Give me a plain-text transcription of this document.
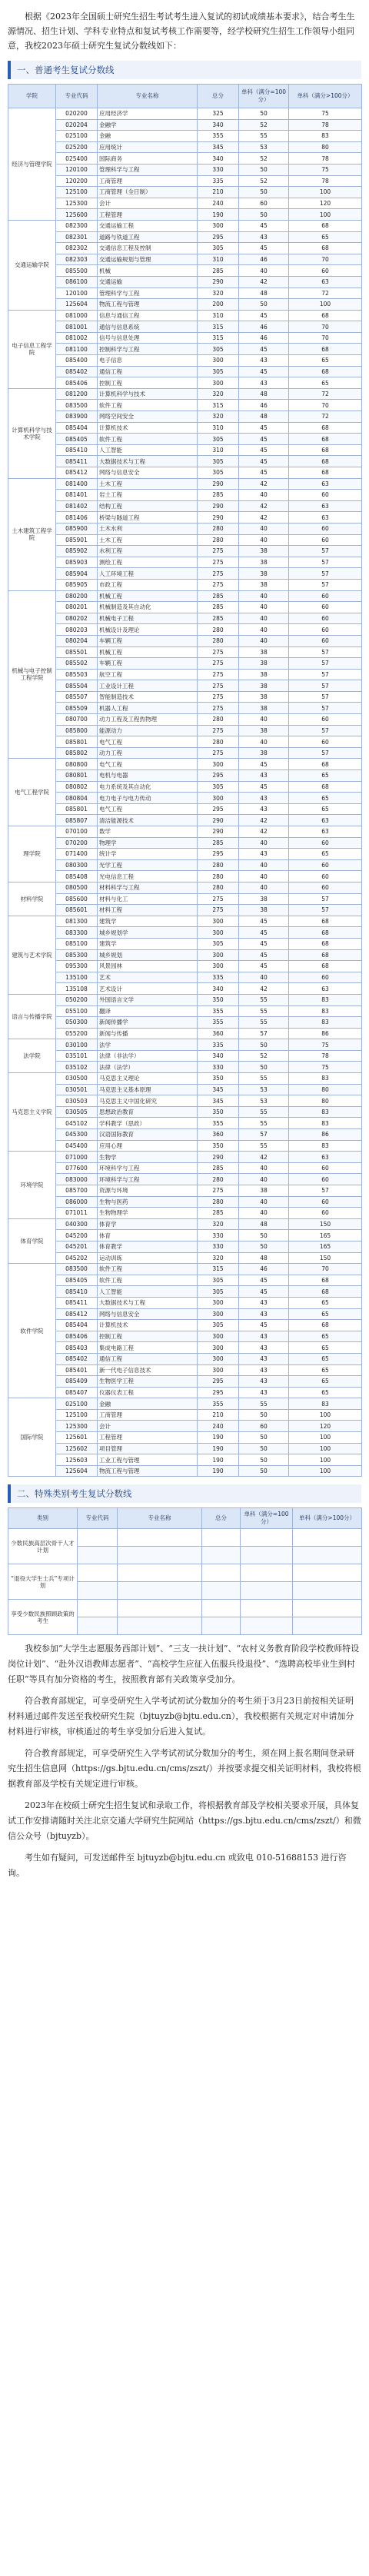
根据《2023年全国硕士研究生招生考试考生进入复试的初试成绩基本要求》，结合考生生源情况、招生计划、学科专业特点和复试考核工作需要等，经学校研究生招生工作领导小组同意，我校2023年硕士研究生复试分数线如下：

一、普通考生复试分数线
学院	专业代码	专业名称	总分	单科（满分=100分）	单科（满分>100分）
经济与管理学院	020200	应用经济学	325	50	75
	020204	金融学	340	52	78
	025100	金融	355	55	83
	025200	应用统计	345	53	80
	025400	国际商务	340	52	78
	120100	管理科学与工程	330	50	75
	120200	工商管理	335	52	78
	125100	工商管理（全日制）	210	50	100
	125300	会计	240	60	120
	125600	工程管理	190	50	100
交通运输学院	082300	交通运输工程	300	45	68
	082301	道路与铁道工程	295	43	65
	082302	交通信息工程及控制	305	45	68
	082303	交通运输规划与管理	310	46	70
	085500	机械	285	40	60
	086100	交通运输	290	42	63
	120100	管理科学与工程	320	48	72
	125604	物流工程与管理	200	50	100
电子信息工程学院	081000	信息与通信工程	310	45	68
	081001	通信与信息系统	315	46	70
	081002	信号与信息处理	315	46	70
	081100	控制科学与工程	305	45	68
	085400	电子信息	300	43	65
	085402	通信工程	305	45	68
	085406	控制工程	300	43	65
计算机科学与技术学院	081200	计算机科学与技术	320	48	72
	083500	软件工程	315	46	70
	083900	网络空间安全	320	48	72
	085404	计算机技术	310	45	68
	085405	软件工程	305	45	68
	085410	人工智能	310	45	68
	085411	大数据技术与工程	305	45	68
	085412	网络与信息安全	305	45	68
土木建筑工程学院	081400	土木工程	290	42	63
	081401	岩土工程	285	40	60
	081402	结构工程	290	42	63
	081406	桥梁与隧道工程	290	42	63
	085900	土木水利	280	40	60
	085901	土木工程	280	40	60
	085902	水利工程	275	38	57
	085903	测绘工程	275	38	57
	085904	人工环境工程	275	38	57
	085905	市政工程	275	38	57
机械与电子控制工程学院	080200	机械工程	285	40	60
	080201	机械制造及其自动化	285	40	60
	080202	机械电子工程	285	40	60
	080203	机械设计及理论	280	40	60
	080204	车辆工程	280	40	60
	085501	机械工程	275	38	57
	085502	车辆工程	275	38	57
	085503	航空工程	275	38	57
	085504	工业设计工程	275	38	57
	085507	智能制造技术	275	38	57
	085509	机器人工程	275	38	57
	080700	动力工程及工程热物理	280	40	60
	085800	能源动力	275	38	57
	085801	电气工程	280	40	60
	085802	动力工程	275	38	57
电气工程学院	080800	电气工程	300	45	68
	080801	电机与电器	295	43	65
	080802	电力系统及其自动化	305	45	68
	080804	电力电子与电力传动	300	43	65
	085801	电气工程	295	43	65
	085807	清洁能源技术	290	42	63
理学院	070100	数学	290	42	63
	070200	物理学	285	40	60
	071400	统计学	295	43	65
	080300	光学工程	280	40	60
	085408	光电信息工程	280	40	60
材料学院	080500	材料科学与工程	280	40	60
	085600	材料与化工	275	38	57
	085601	材料工程	275	38	57
建筑与艺术学院	081300	建筑学	300	45	68
	083300	城乡规划学	300	45	68
	085100	建筑学	305	45	68
	085300	城乡规划	300	45	68
	095300	风景园林	300	45	68
	135100	艺术	335	40	60
	135108	艺术设计	340	42	63
语言与传播学院	050200	外国语言文学	350	55	83
	055100	翻译	355	55	83
	050300	新闻传播学	355	55	83
	055200	新闻与传播	360	57	86
法学院	030100	法学	335	50	75
	035101	法律（非法学）	340	52	78
	035102	法律（法学）	330	50	75
马克思主义学院	030500	马克思主义理论	350	55	83
	030501	马克思主义基本原理	345	53	80
	030503	马克思主义中国化研究	345	53	80
	030505	思想政治教育	350	55	83
	045102	学科教学（思政）	355	55	83
	045300	汉语国际教育	360	57	86
	045400	应用心理	350	55	83
环境学院	071000	生物学	290	42	63
	077600	环境科学与工程	285	40	60
	083000	环境科学与工程	280	40	60
	085700	资源与环境	275	38	57
	086000	生物与医药	280	40	60
	071011	生物物理学	285	40	60
体育学院	040300	体育学	320	48	150
	045200	体育	330	50	165
	045201	体育教学	330	50	165
	045202	运动训练	320	48	150
软件学院	083500	软件工程	315	46	70
	085405	软件工程	305	45	68
	085410	人工智能	305	45	68
	085411	大数据技术与工程	300	43	65
	085412	网络与信息安全	300	43	65
	085404	计算机技术	305	45	68
	085406	控制工程	300	43	65
	085403	集成电路工程	300	43	65
	085402	通信工程	300	43	65
	085401	新一代电子信息技术	300	43	65
	085409	生物医学工程	295	43	65
	085407	仪器仪表工程	295	43	65
国际学院	025100	金融	355	55	83
	125100	工商管理	210	50	100
	125300	会计	240	60	120
	125601	工程管理	190	50	100
	125602	项目管理	190	50	100
	125603	工业工程与管理	190	50	100
	125604	物流工程与管理	190	50	100
二、特殊类别考生复试分数线
类别	专业代码	专业名称	总分	单科（满分=100分）	单科（满分>100分）
少数民族高层次骨干人才计划					

“退役大学生士兵”专项计划					

享受少数民族照顾政策的考生					

我校参加“大学生志愿服务西部计划”、“三支一扶计划”、“农村义务教育阶段学校教师特设岗位计划”、“赴外汉语教师志愿者”、“高校学生应征入伍服兵役退役”、“选聘高校毕业生到村任职”等具有加分资格的考生，按照教育部有关政策享受加分。

符合教育部规定，可享受研究生入学考试初试分数加分的考生须于3月23日前按相关证明材料通过邮件发送至我校研究生院（bjtuyzb@bjtu.edu.cn），我校根据有关规定对申请加分材料进行审核，审核通过的考生享受加分后进入复试。

符合教育部规定，可享受研究生入学考试初试分数加分的考生，须在网上报名期间登录研究生招生信息网（https://gs.bjtu.edu.cn/cms/zszt/）并按要求提交相关证明材料，我校将根据教育部及学校有关规定进行审核。

2023年在校硕士研究生招生复试和录取工作，将根据教育部及学校相关要求开展，具体复试工作安排请随时关注北京交通大学研究生院网站（https://gs.bjtu.edu.cn/cms/zszt/）和微信公众号（bjtuyzb）。

考生如有疑问，可发送邮件至 bjtuyzb@bjtu.edu.cn 或致电 010-51688153 进行咨询。
